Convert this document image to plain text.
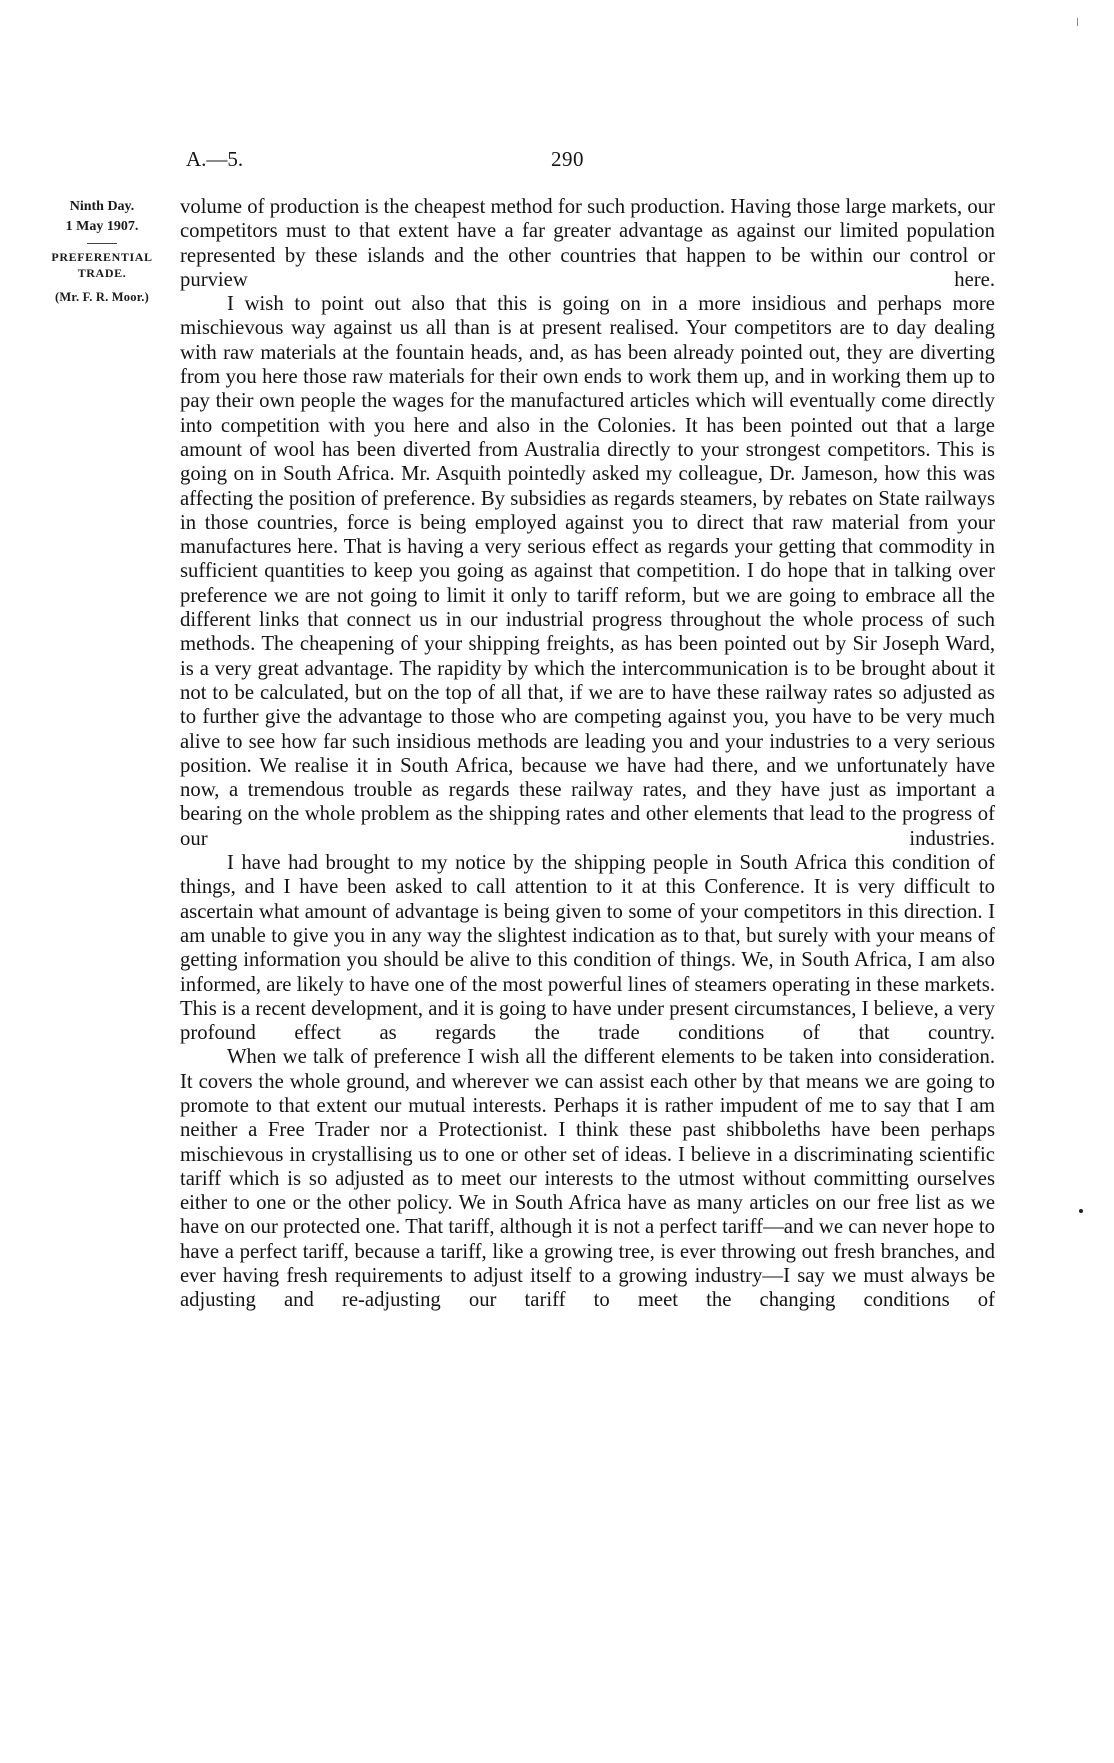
A.—5.	290
Ninth Day.
1 May 1907.
PREFERENTIAL
TRADE.
(Mr. F. R. Moor.)

volume of production is the cheapest method for such production. Having those large markets, our competitors must to that extent have a far greater advantage as against our limited population represented by these islands and the other countries that happen to be within our control or purview here.

I wish to point out also that this is going on in a more insidious and perhaps more mischievous way against us all than is at present realised. Your competitors are to day dealing with raw materials at the fountain heads, and, as has been already pointed out, they are diverting from you here those raw materials for their own ends to work them up, and in working them up to pay their own people the wages for the manufactured articles which will eventually come directly into competition with you here and also in the Colonies. It has been pointed out that a large amount of wool has been diverted from Australia directly to your strongest competitors. This is going on in South Africa. Mr. Asquith pointedly asked my colleague, Dr. Jameson, how this was affecting the position of preference. By subsidies as regards steamers, by rebates on State railways in those countries, force is being employed against you to direct that raw material from your manufactures here. That is having a very serious effect as regards your getting that commodity in sufficient quantities to keep you going as against that competition. I do hope that in talking over preference we are not going to limit it only to tariff reform, but we are going to embrace all the different links that connect us in our industrial progress throughout the whole process of such methods. The cheapening of your shipping freights, as has been pointed out by Sir Joseph Ward, is a very great advantage. The rapidity by which the intercommunication is to be brought about it not to be calculated, but on the top of all that, if we are to have these railway rates so adjusted as to further give the advantage to those who are competing against you, you have to be very much alive to see how far such insidious methods are leading you and your industries to a very serious position. We realise it in South Africa, because we have had there, and we unfortunately have now, a tremendous trouble as regards these railway rates, and they have just as important a bearing on the whole problem as the shipping rates and other elements that lead to the progress of our industries.

I have had brought to my notice by the shipping people in South Africa this condition of things, and I have been asked to call attention to it at this Conference. It is very difficult to ascertain what amount of advantage is being given to some of your competitors in this direction. I am unable to give you in any way the slightest indication as to that, but surely with your means of getting information you should be alive to this condition of things. We, in South Africa, I am also informed, are likely to have one of the most powerful lines of steamers operating in these markets. This is a recent development, and it is going to have under present circumstances, I believe, a very profound effect as regards the trade conditions of that country.

When we talk of preference I wish all the different elements to be taken into consideration. It covers the whole ground, and wherever we can assist each other by that means we are going to promote to that extent our mutual interests. Perhaps it is rather impudent of me to say that I am neither a Free Trader nor a Protectionist. I think these past shibboleths have been perhaps mischievous in crystallising us to one or other set of ideas. I believe in a discriminating scientific tariff which is so adjusted as to meet our interests to the utmost without committing ourselves either to one or the other policy. We in South Africa have as many articles on our free list as we have on our protected one. That tariff, although it is not a perfect tariff—and we can never hope to have a perfect tariff, because a tariff, like a growing tree, is ever throwing out fresh branches, and ever having fresh requirements to adjust itself to a growing industry—I say we must always be adjusting and re-adjusting our tariff to meet the changing conditions of
